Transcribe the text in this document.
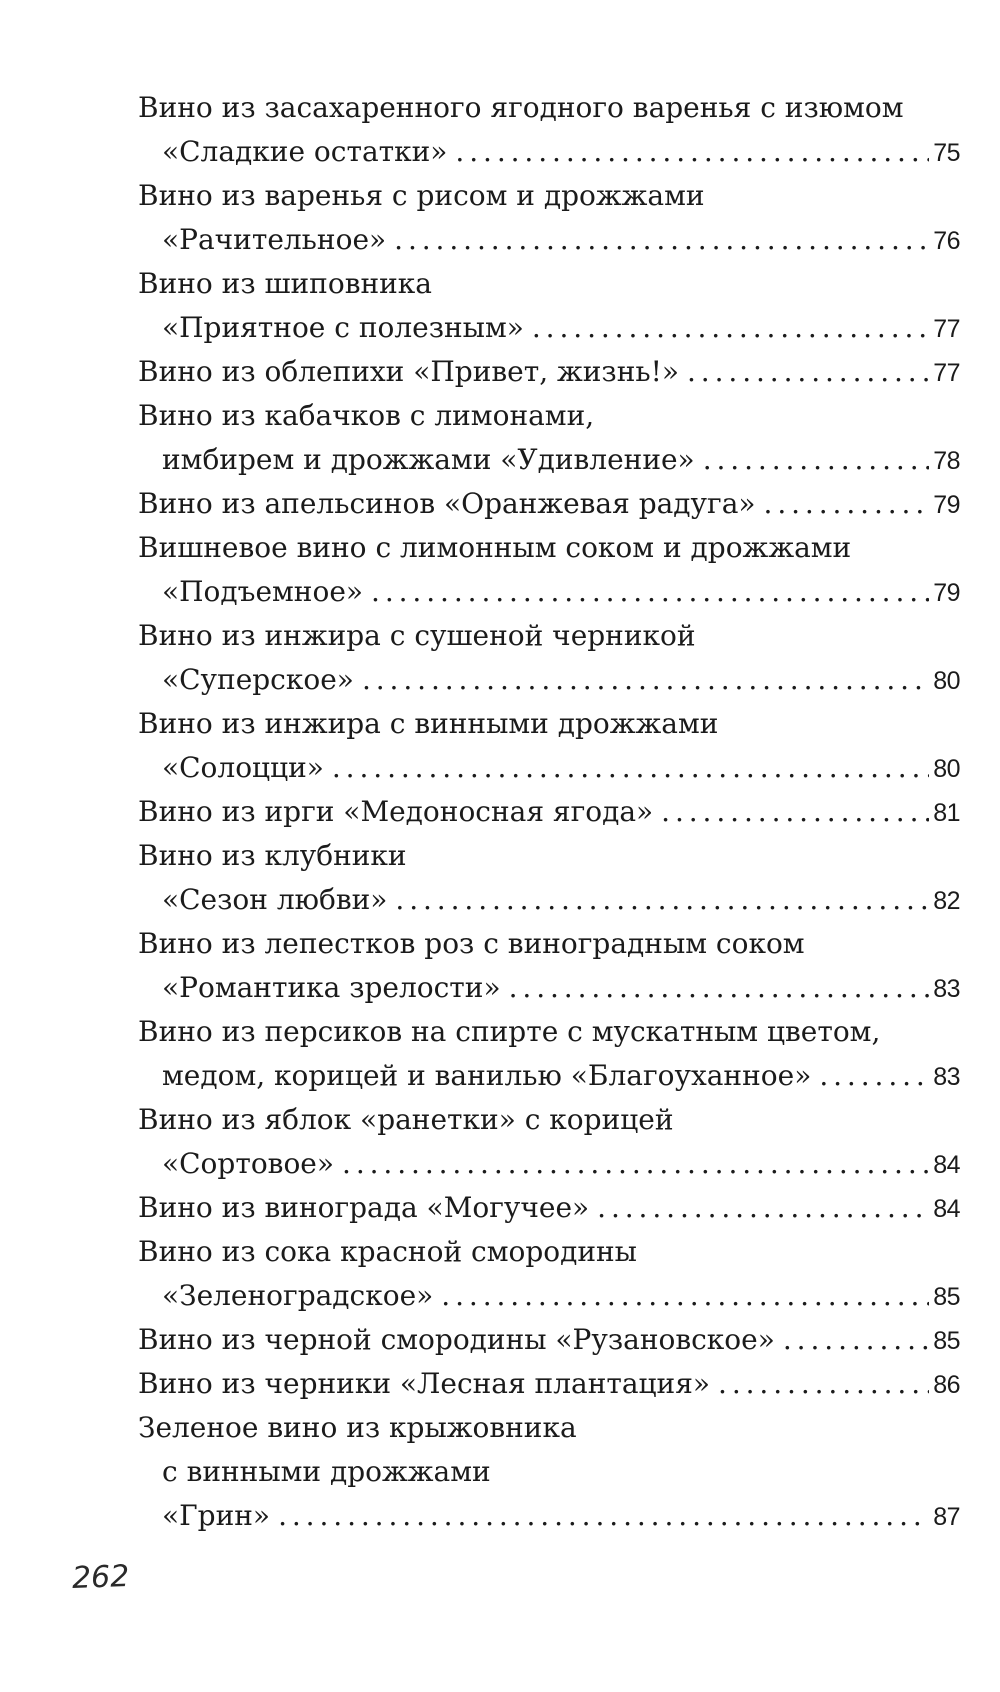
Вино из засахаренного ягодного варенья с изюмом
«Сладкие остатки» . . .	75
Вино из варенья с рисом и дрожжами
«Рачительное» . . .	76
Вино из шиповника
«Приятное с полезным» . . .	77
Вино из облепихи «Привет, жизнь!» . . .	77
Вино из кабачков с лимонами,
имбирем и дрожжами «Удивление» . . .	78
Вино из апельсинов «Оранжевая радуга» . . .	79
Вишневое вино с лимонным соком и дрожжами
«Подъемное» . . .	79
Вино из инжира с сушеной черникой
«Суперское» . . .	80
Вино из инжира с винными дрожжами
«Солоцци» . . .	80
Вино из ирги «Медоносная ягода» . . .	81
Вино из клубники
«Сезон любви» . . .	82
Вино из лепестков роз с виноградным соком
«Романтика зрелости» . . .	83
Вино из персиков на спирте с мускатным цветом,
медом, корицей и ванилью «Благоуханное» . . .	83
Вино из яблок «ранетки» с корицей
«Сортовое» . . .	84
Вино из винограда «Могучее» . . .	84
Вино из сока красной смородины
«Зеленоградское» . . .	85
Вино из черной смородины «Рузановское» . . .	85
Вино из черники «Лесная плантация» . . .	86
Зеленое вино из крыжовника
с винными дрожжами
«Грин» . . .	87
262
